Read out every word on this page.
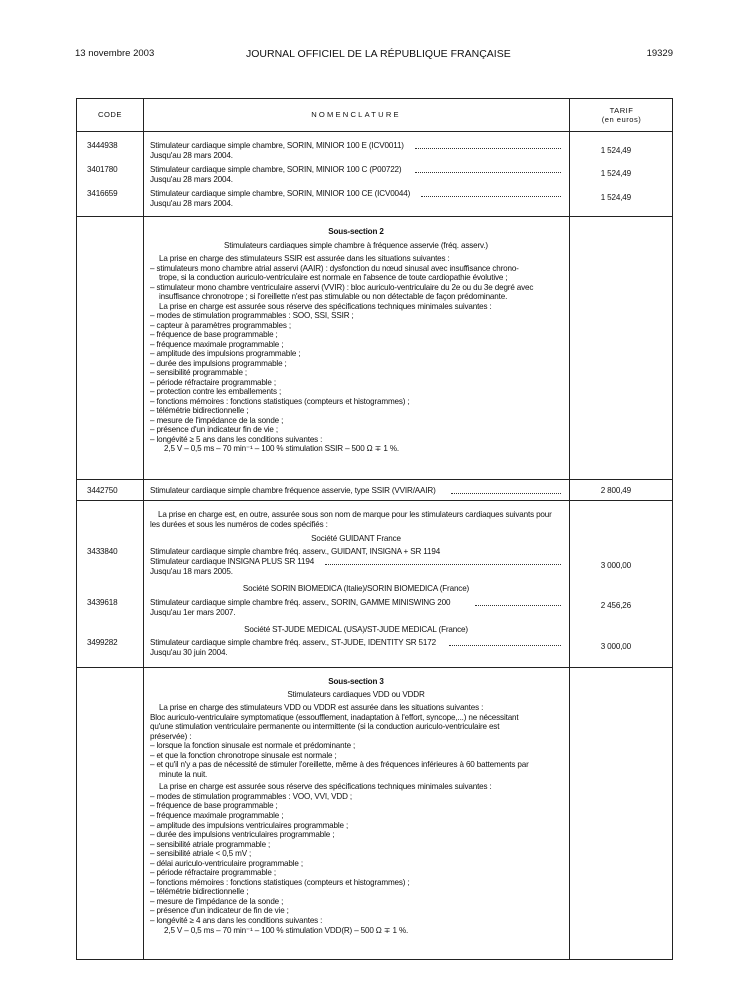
13 novembre 2003	JOURNAL OFFICIEL DE LA RÉPUBLIQUE FRANÇAISE	19329
CODE	NOMENCLATURE	TARIF
(en euros)
3444938	Stimulateur cardiaque simple chambre, SORIN, MINIOR 100 E (ICV0011)
Jusqu'au 28 mars 2004.
1 524,49
3401780	Stimulateur cardiaque simple chambre, SORIN, MINIOR 100 C (P00722)
Jusqu'au 28 mars 2004.
1 524,49
3416659	Stimulateur cardiaque simple chambre, SORIN, MINIOR 100 CE (ICV0044)
Jusqu'au 28 mars 2004.
1 524,49
Sous-section 2
Stimulateurs cardiaques simple chambre à fréquence asservie (fréq. asserv.)

La prise en charge des stimulateurs SSIR est assurée dans les situations suivantes :

– stimulateurs mono chambre atrial asservi (AAIR) : dysfonction du nœud sinusal avec insuffisance chrono-

trope, si la conduction auriculo-ventriculaire est normale en l'absence de toute cardiopathie évolutive ;

– stimulateur mono chambre ventriculaire asservi (VVIR) : bloc auriculo-ventriculaire du 2e ou du 3e degré avec

insuffisance chronotrope ; si l'oreillette n'est pas stimulable ou non détectable de façon prédominante.

La prise en charge est assurée sous réserve des spécifications techniques minimales suivantes :

– modes de stimulation programmables : SOO, SSI, SSIR ;

– capteur à paramètres programmables ;

– fréquence de base programmable ;

– fréquence maximale programmable ;

– amplitude des impulsions programmable ;

– durée des impulsions programmable ;

– sensibilité programmable ;

– période réfractaire programmable ;

– protection contre les emballements ;

– fonctions mémoires : fonctions statistiques (compteurs et histogrammes) ;

– télémétrie bidirectionnelle ;

– mesure de l'impédance de la sonde ;

– présence d'un indicateur fin de vie ;

– longévité ≥ 5 ans dans les conditions suivantes :

2,5 V – 0,5 ms – 70 min⁻¹ – 100 % stimulation SSIR – 500 Ω ∓ 1 %.

3442750	Stimulateur cardiaque simple chambre fréquence asservie, type SSIR (VVIR/AAIR)	2 800,49
La prise en charge est, en outre, assurée sous son nom de marque pour les stimulateurs cardiaques suivants pour
les durées et sous les numéros de codes spécifiés :
Société GUIDANT France
3433840	Stimulateur cardiaque simple chambre fréq. asserv., GUIDANT, INSIGNA + SR 1194
Stimulateur cardiaque INSIGNA PLUS SR 1194
Jusqu'au 18 mars 2005.
3 000,00
Société SORIN BIOMEDICA (Italie)/SORIN BIOMEDICA (France)
3439618	Stimulateur cardiaque simple chambre fréq. asserv., SORIN, GAMME MINISWING 200
Jusqu'au 1er mars 2007.
2 456,26
Société ST-JUDE MEDICAL (USA)/ST-JUDE MEDICAL (France)
3499282	Stimulateur cardiaque simple chambre fréq. asserv., ST-JUDE, IDENTITY SR 5172
Jusqu'au 30 juin 2004.
3 000,00
Sous-section 3
Stimulateurs cardiaques VDD ou VDDR

La prise en charge des stimulateurs VDD ou VDDR est assurée dans les situations suivantes :

Bloc auriculo-ventriculaire symptomatique (essoufflement, inadaptation à l'effort, syncope,...) ne nécessitant

qu'une stimulation ventriculaire permanente ou intermittente (si la conduction auriculo-ventriculaire est

préservée) :

– lorsque la fonction sinusale est normale et prédominante ;

– et que la fonction chronotrope sinusale est normale ;

– et qu'il n'y a pas de nécessité de stimuler l'oreillette, même à des fréquences inférieures à 60 battements par

minute la nuit.

La prise en charge est assurée sous réserve des spécifications techniques minimales suivantes :

– modes de stimulation programmables : VOO, VVI, VDD ;

– fréquence de base programmable ;

– fréquence maximale programmable ;

– amplitude des impulsions ventriculaires programmable ;

– durée des impulsions ventriculaires programmable ;

– sensibilité atriale programmable ;

– sensibilité atriale < 0,5 mV ;

– délai auriculo-ventriculaire programmable ;

– période réfractaire programmable ;

– fonctions mémoires : fonctions statistiques (compteurs et histogrammes) ;

– télémétrie bidirectionnelle ;

– mesure de l'impédance de la sonde ;

– présence d'un indicateur de fin de vie ;

– longévité ≥ 4 ans dans les conditions suivantes :

2,5 V – 0,5 ms – 70 min⁻¹ – 100 % stimulation VDD(R) – 500 Ω ∓ 1 %.
